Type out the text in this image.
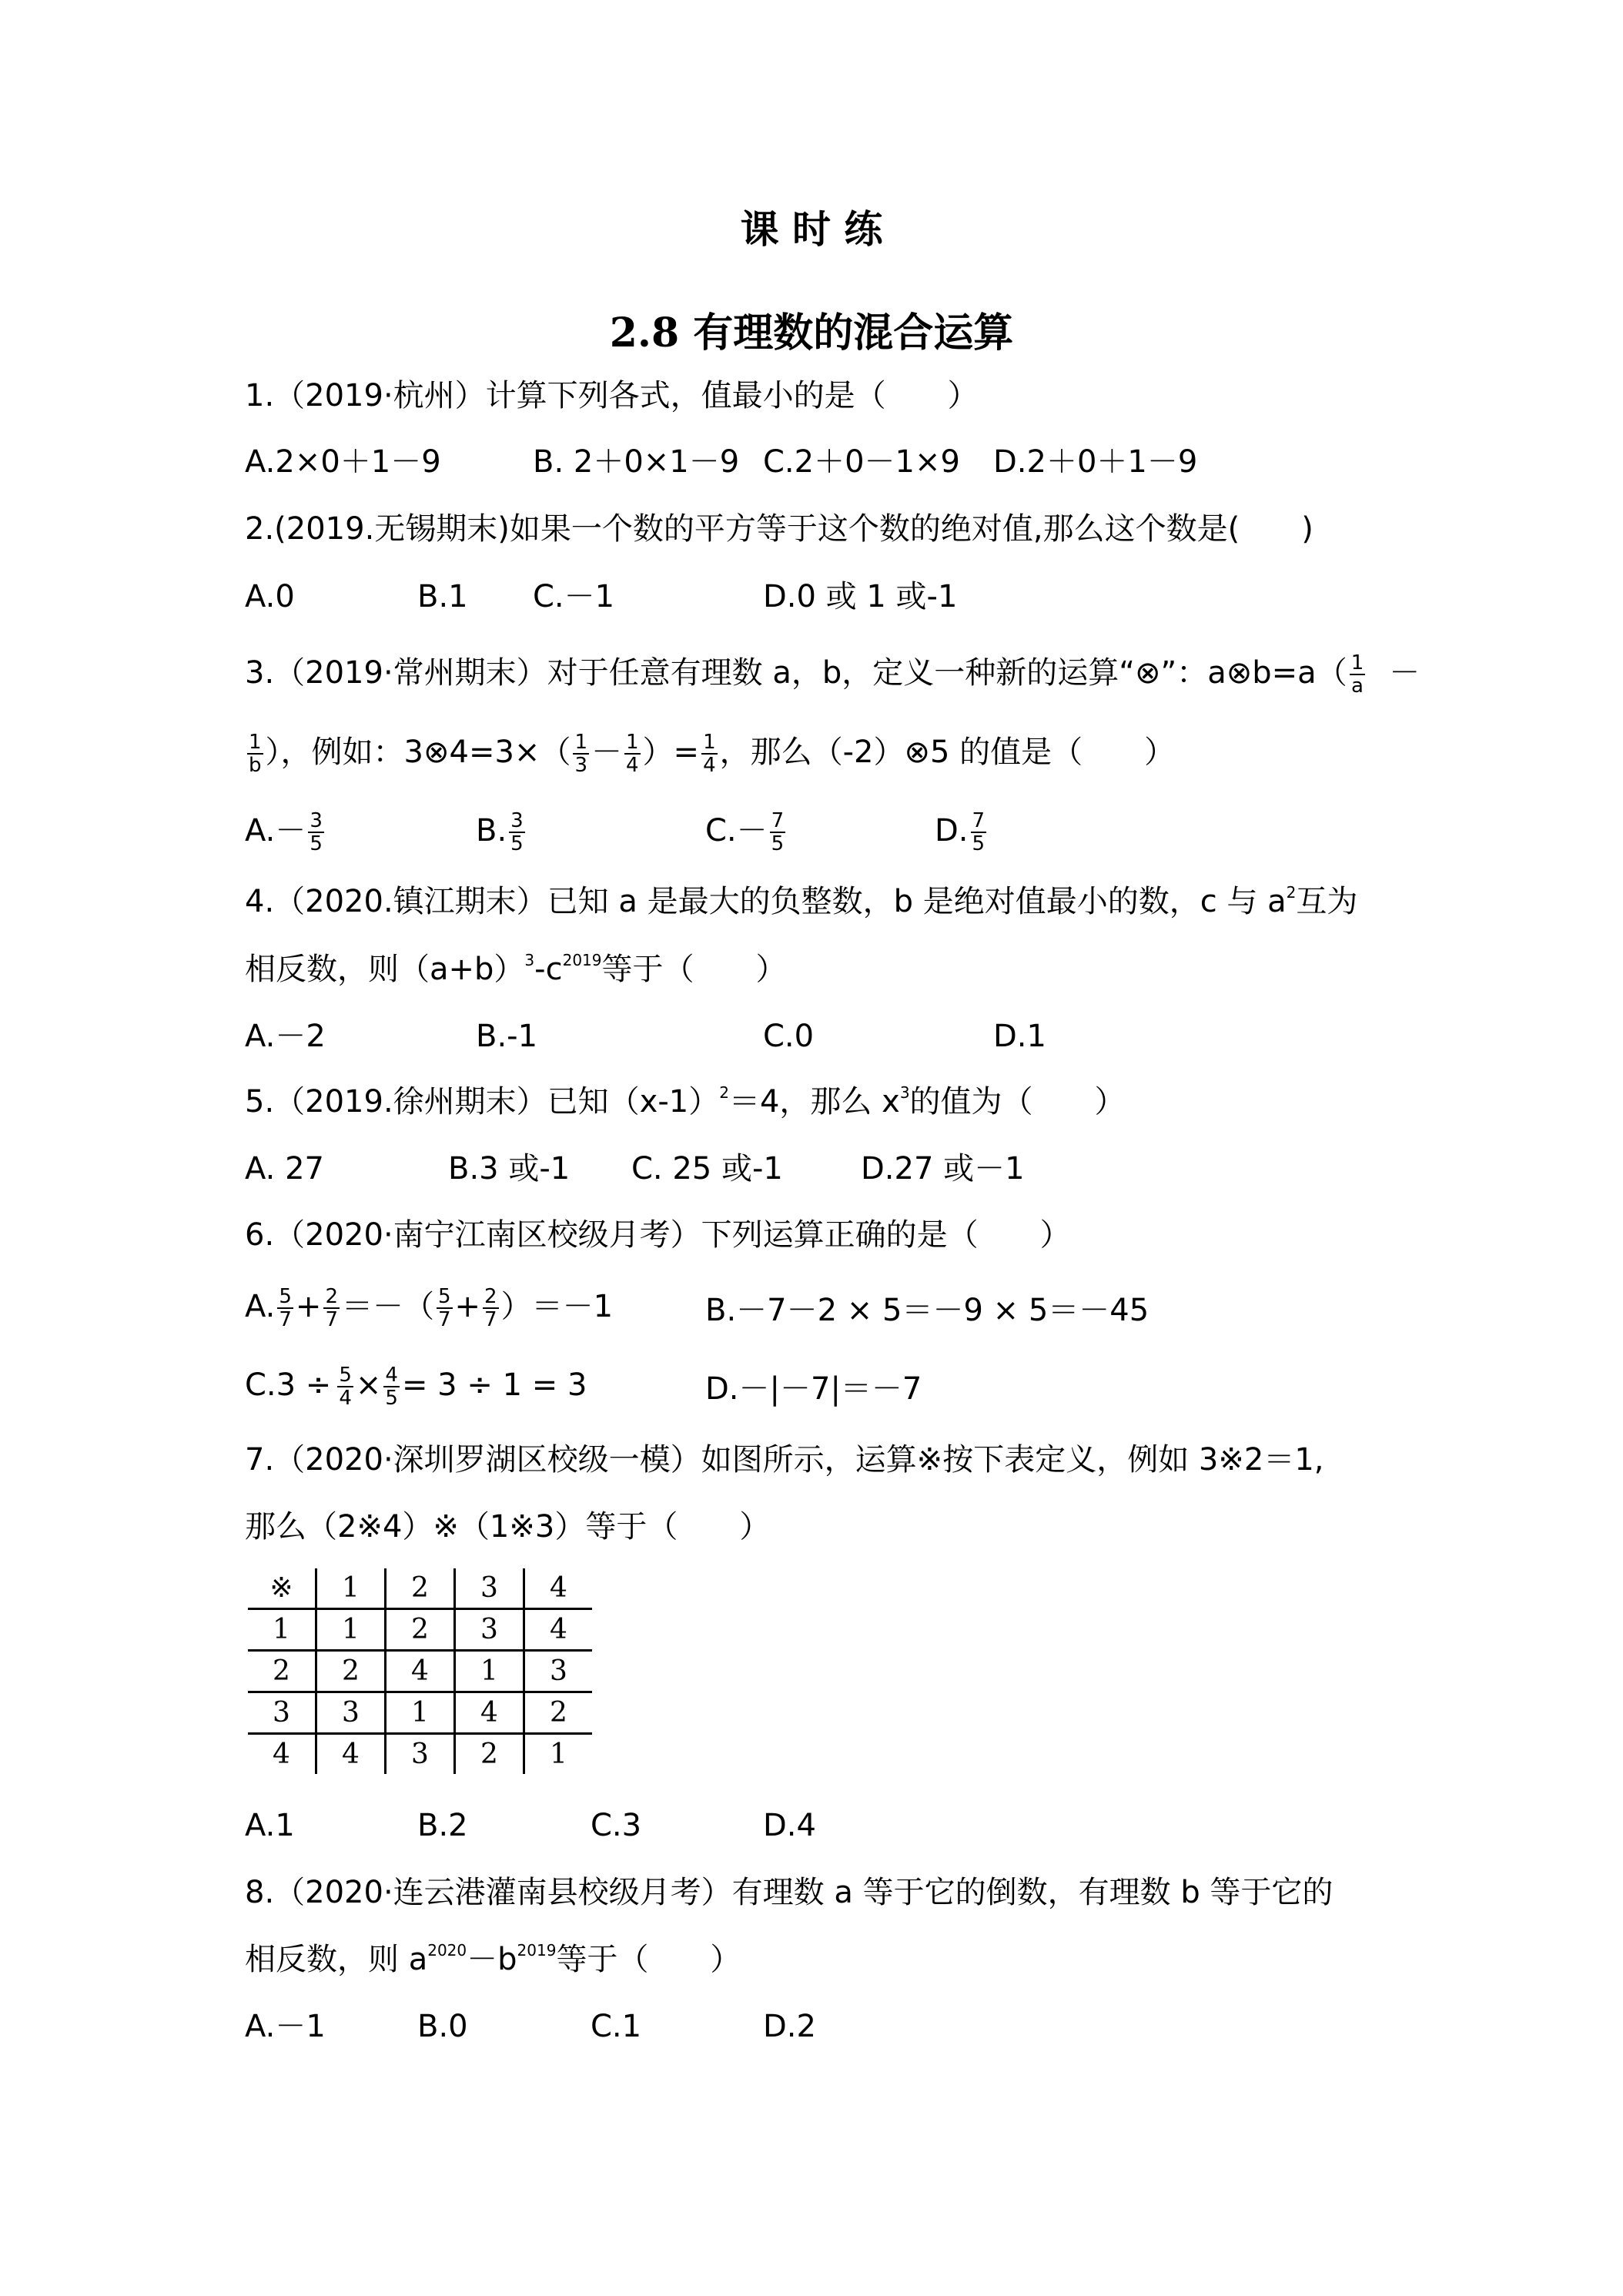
课 时 练
2.8 有理数的混合运算
1.（2019·杭州）计算下列各式，值最小的是（　　）
A.2×0＋1－9	B. 2＋0×1－9 C.2＋0－1×9 D.2＋0＋1－9
2.(2019.无锡期末)如果一个数的平方等于这个数的绝对值,那么这个数是(　　)
A.0	B.1 C.－1	D.0 或 1 或-1
3.（2019·常州期末）对于任意有理数 a，b，定义一种新的运算“⊗”：a⊗b=a（ $\frac{1}{a}$ －
$\frac{1}{b}$ ），例如：3⊗4=3×（ $\frac{1}{3} - \frac{1}{4}$ ）= $\frac{1}{4}$ ，那么（-2）⊗5 的值是（　　）
$A.- \frac{3}{5}$	B. $\frac{3}{5}$	$C.- \frac{7}{5}$	D. $\frac{7}{5}$
4.（2020.镇江期末）已知 a 是最大的负整数，b 是绝对值最小的数，c 与 $a^2$互为
相反数，则$(a+b)^3-c^{2019}$等于（　　）
A.－2	B.-1	C.0	D.1
5.（2019.徐州期末）已知$(x-1)^2=4$，那么 $x^3$的值为（　　）
A. 27	B.3 或-1 C. 25 或-1	D.27 或－1
6.（2020·南宁江南区校级月考）下列运算正确的是（　　）
A. $\frac{5}{7} + \frac{2}{7}$ ＝－（ $\frac{5}{7} + \frac{2}{7} )=-1$	B.－7－2 × 5＝－9 × 5＝－45
$C.3 \div \frac{5}{4} \times \frac{4}{5} = 3 \div 1 = 3$	D.－|－7|＝－7
7.（2020·深圳罗湖区校级一模）如图所示，运算※按下表定义，例如 3※2＝1,
那么（2※4）※（1※3）等于（　　）
※	1	2	3	4
1	1	2	3	4
2	2	4	1	3
3	3	1	4	2
4	4	3	2	1
A.1	B.2	C.3	D.4
8.（2020·连云港灌南县校级月考）有理数 a 等于它的倒数，有理数 b 等于它的
相反数，则 $a^{2020}-b^{2019}$等于（　　）
A.－1	B.0	C.1	D.2
